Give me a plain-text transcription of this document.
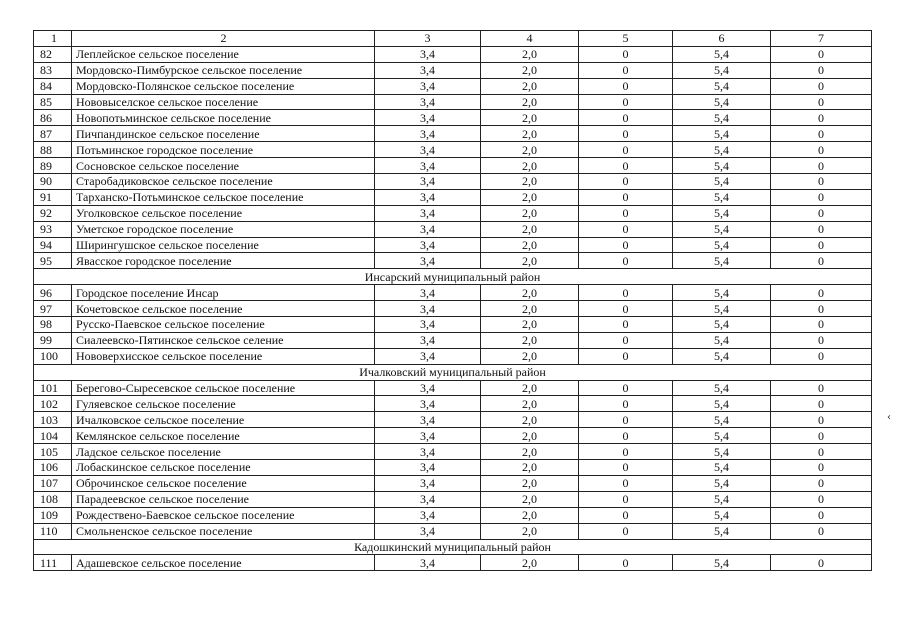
1	2	3	4	5	6	7
82	Леплейское сельское поселение	3,4	2,0	0	5,4	0
83	Мордовско-Пимбурское сельское поселение	3,4	2,0	0	5,4	0
84	Мордовско-Полянское сельское поселение	3,4	2,0	0	5,4	0
85	Нововыселское сельское поселение	3,4	2,0	0	5,4	0
86	Новопотьминское сельское поселение	3,4	2,0	0	5,4	0
87	Пичпандинское сельское поселение	3,4	2,0	0	5,4	0
88	Потьминское городское поселение	3,4	2,0	0	5,4	0
89	Сосновское сельское поселение	3,4	2,0	0	5,4	0
90	Старобадиковское сельское поселение	3,4	2,0	0	5,4	0
91	Тарханско-Потьминское сельское поселение	3,4	2,0	0	5,4	0
92	Уголковское сельское поселение	3,4	2,0	0	5,4	0
93	Уметское городское поселение	3,4	2,0	0	5,4	0
94	Ширингушское сельское поселение	3,4	2,0	0	5,4	0
95	Явасское городское поселение	3,4	2,0	0	5,4	0
Инсарский муниципальный район						
96	Городское поселение Инсар	3,4	2,0	0	5,4	0
97	Кочетовское сельское поселение	3,4	2,0	0	5,4	0
98	Русско-Паевское сельское поселение	3,4	2,0	0	5,4	0
99	Сиалеевско-Пятинское сельское селение	3,4	2,0	0	5,4	0
100	Нововерхисское сельское поселение	3,4	2,0	0	5,4	0
Ичалковский муниципальный район						
101	Берегово-Сыресевское сельское поселение	3,4	2,0	0	5,4	0
102	Гуляевское сельское поселение	3,4	2,0	0	5,4	0
103	Ичалковское сельское поселение	3,4	2,0	0	5,4	0
104	Кемлянское сельское поселение	3,4	2,0	0	5,4	0
105	Ладское сельское поселение	3,4	2,0	0	5,4	0
106	Лобаскинское сельское поселение	3,4	2,0	0	5,4	0
107	Оброчинское сельское поселение	3,4	2,0	0	5,4	0
108	Парадеевское сельское поселение	3,4	2,0	0	5,4	0
109	Рождествено-Баевское сельское поселение	3,4	2,0	0	5,4	0
110	Смольненское сельское поселение	3,4	2,0	0	5,4	0
Кадошкинский муниципальный район						
111	Адашевское сельское поселение	3,4	2,0	0	5,4	0
‹
